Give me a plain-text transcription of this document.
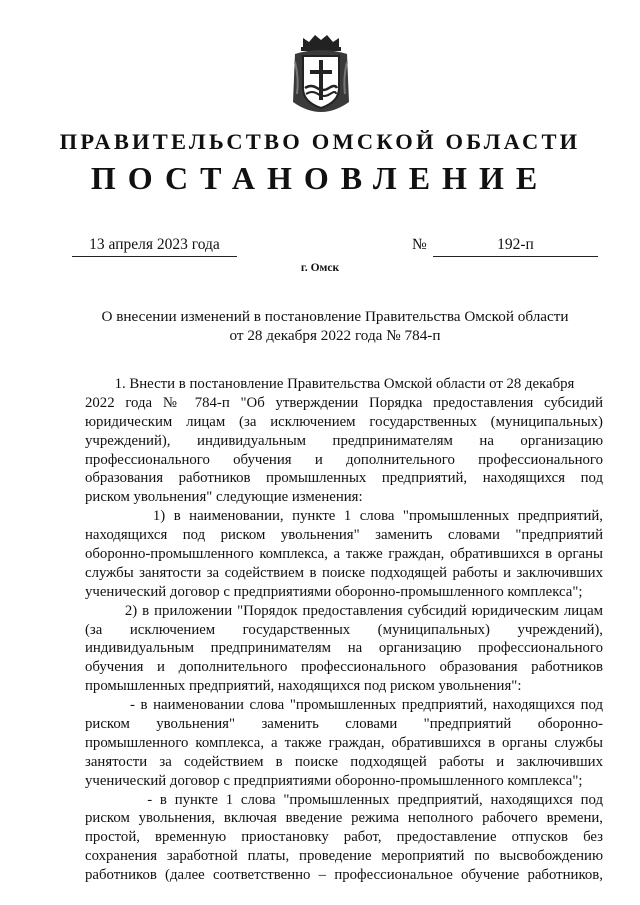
ПРАВИТЕЛЬСТВО ОМСКОЙ ОБЛАСТИ
ПОСТАНОВЛЕНИЕ
13 апреля 2023 года	№	192-п
г. Омск
О внесении изменений в постановление Правительства Омской области
от 28 декабря 2022 года № 784-п
1. Внести в постановление Правительства Омской области от 28 декабря
2022 года № 784-п "Об утверждении Порядка предоставления субсидий
юридическим лицам (за исключением государственных (муниципальных)
учреждений), индивидуальным предпринимателям на организацию
профессионального обучения и дополнительного профессионального
образования работников промышленных предприятий, находящихся под
риском увольнения" следующие изменения:
1) в наименовании, пункте 1 слова "промышленных предприятий,
находящихся под риском увольнения" заменить словами "предприятий
оборонно-промышленного комплекса, а также граждан, обратившихся в органы
службы занятости за содействием в поиске подходящей работы и заключивших
ученический договор с предприятиями оборонно-промышленного комплекса";
2) в приложении "Порядок предоставления субсидий юридическим лицам
(за исключением государственных (муниципальных) учреждений),
индивидуальным предпринимателям на организацию профессионального
обучения и дополнительного профессионального образования работников
промышленных предприятий, находящихся под риском увольнения":
- в наименовании слова "промышленных предприятий, находящихся под
риском увольнения" заменить словами "предприятий оборонно-
промышленного комплекса, а также граждан, обратившихся в органы службы
занятости за содействием в поиске подходящей работы и заключивших
ученический договор с предприятиями оборонно-промышленного комплекса";
- в пункте 1 слова "промышленных предприятий, находящихся под
риском увольнения, включая введение режима неполного рабочего времени,
простой, временную приостановку работ, предоставление отпусков без
сохранения заработной платы, проведение мероприятий по высвобождению
работников (далее соответственно – профессиональное обучение работников,
